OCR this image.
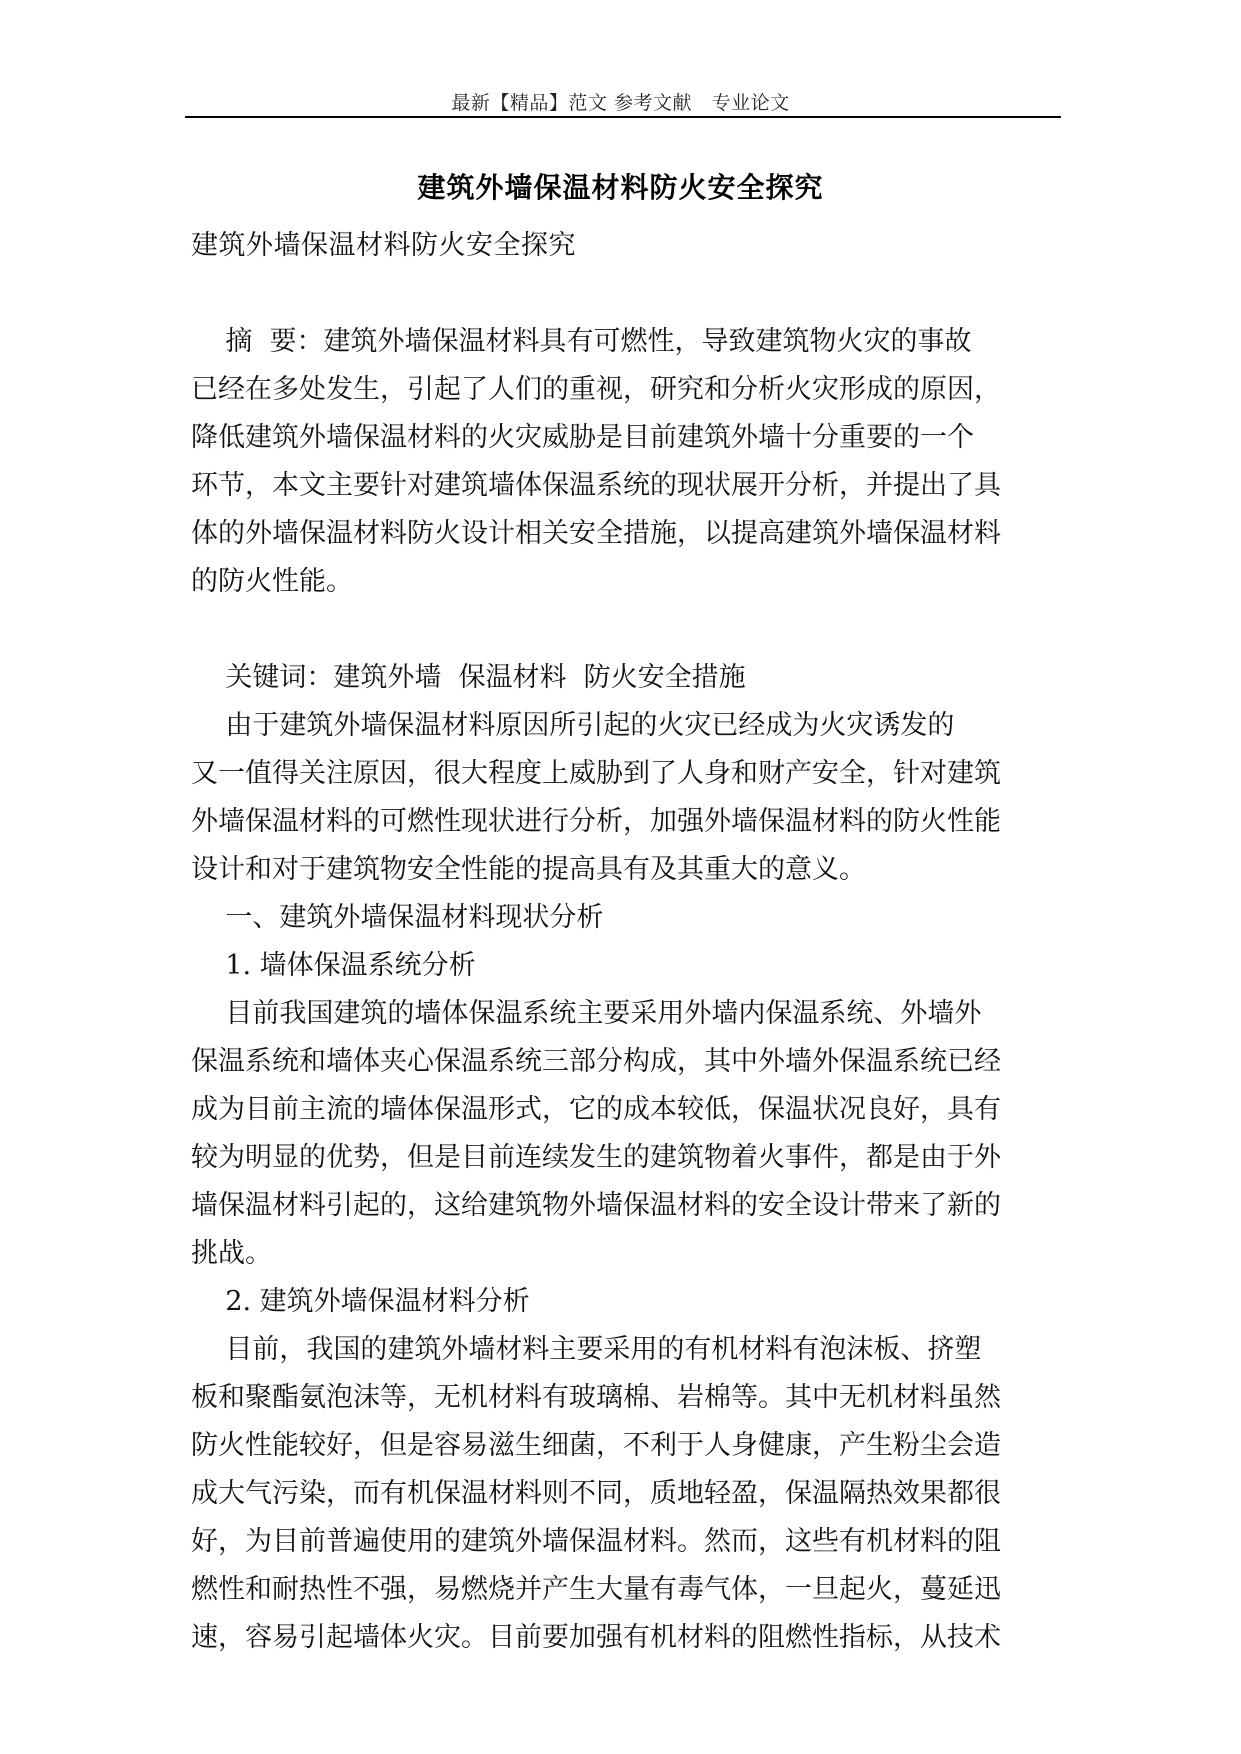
最新【精品】范文 参考文献   专业论文
建筑外墙保温材料防火安全探究
建筑外墙保温材料防火安全探究
摘  要：建筑外墙保温材料具有可燃性，导致建筑物火灾的事故
已经在多处发生，引起了人们的重视，研究和分析火灾形成的原因，
降低建筑外墙保温材料的火灾威胁是目前建筑外墙十分重要的一个
环节，本文主要针对建筑墙体保温系统的现状展开分析，并提出了具
体的外墙保温材料防火设计相关安全措施，以提高建筑外墙保温材料
的防火性能。
关键词：建筑外墙  保温材料  防火安全措施
由于建筑外墙保温材料原因所引起的火灾已经成为火灾诱发的
又一值得关注原因，很大程度上威胁到了人身和财产安全，针对建筑
外墙保温材料的可燃性现状进行分析，加强外墙保温材料的防火性能
设计和对于建筑物安全性能的提高具有及其重大的意义。
一、建筑外墙保温材料现状分析
1. 墙体保温系统分析
目前我国建筑的墙体保温系统主要采用外墙内保温系统、外墙外
保温系统和墙体夹心保温系统三部分构成，其中外墙外保温系统已经
成为目前主流的墙体保温形式，它的成本较低，保温状况良好，具有
较为明显的优势，但是目前连续发生的建筑物着火事件，都是由于外
墙保温材料引起的，这给建筑物外墙保温材料的安全设计带来了新的
挑战。
2. 建筑外墙保温材料分析
目前，我国的建筑外墙材料主要采用的有机材料有泡沫板、挤塑
板和聚酯氨泡沫等，无机材料有玻璃棉、岩棉等。其中无机材料虽然
防火性能较好，但是容易滋生细菌，不利于人身健康，产生粉尘会造
成大气污染，而有机保温材料则不同，质地轻盈，保温隔热效果都很
好，为目前普遍使用的建筑外墙保温材料。然而，这些有机材料的阻
燃性和耐热性不强，易燃烧并产生大量有毒气体，一旦起火，蔓延迅
速，容易引起墙体火灾。目前要加强有机材料的阻燃性指标，从技术
